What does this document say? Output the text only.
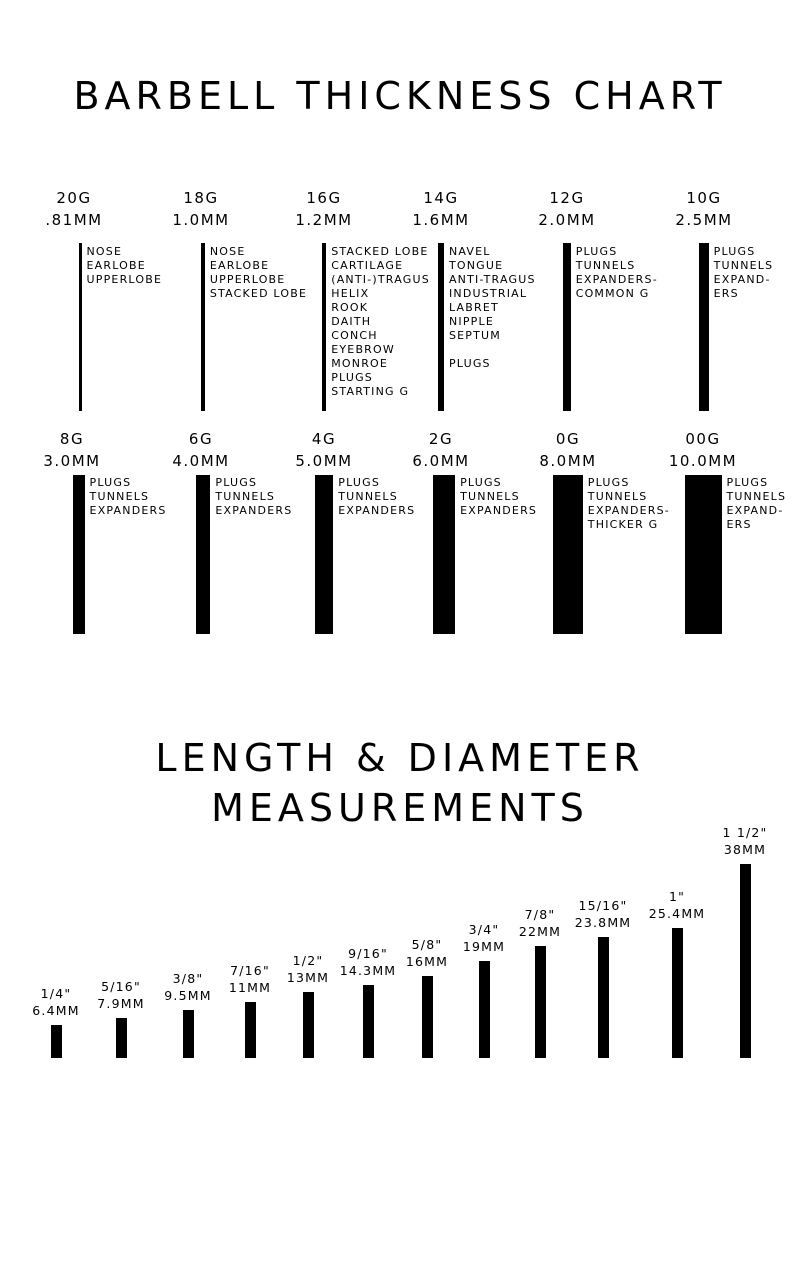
BARBELL THICKNESS CHART
20G
.81MM
NOSE
EARLOBE
UPPERLOBE
18G
1.0MM
NOSE
EARLOBE
UPPERLOBE
STACKED LOBE
16G
1.2MM
STACKED LOBE
CARTILAGE
(ANTI-)TRAGUS
HELIX
ROOK
DAITH
CONCH
EYEBROW
MONROE
PLUGS
STARTING G
14G
1.6MM
NAVEL
TONGUE
ANTI-TRAGUS
INDUSTRIAL
LABRET
NIPPLE
SEPTUM
PLUGS
12G
2.0MM
PLUGS
TUNNELS
EXPANDERS-
COMMON G
10G
2.5MM
PLUGS
TUNNELS
EXPAND-
ERS
8G
3.0MM
PLUGS
TUNNELS
EXPANDERS
6G
4.0MM
PLUGS
TUNNELS
EXPANDERS
4G
5.0MM
PLUGS
TUNNELS
EXPANDERS
2G
6.0MM
PLUGS
TUNNELS
EXPANDERS
0G
8.0MM
PLUGS
TUNNELS
EXPANDERS-
THICKER G
00G
10.0MM
PLUGS
TUNNELS
EXPAND-
ERS
LENGTH & DIAMETER
MEASUREMENTS
1/4"
6.4MM
5/16"
7.9MM
3/8"
9.5MM
7/16"
11MM
1/2"
13MM
9/16"
14.3MM
5/8"
16MM
3/4"
19MM
7/8"
22MM
15/16"
23.8MM
1"
25.4MM
1 1/2"
38MM
